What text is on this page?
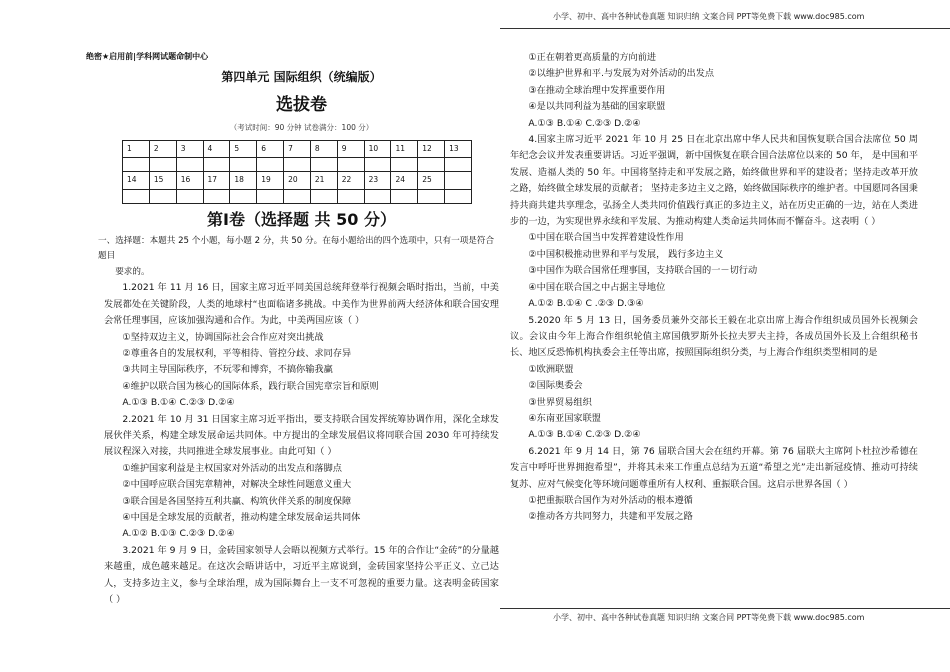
小学、初中、高中各种试卷真题 知识归纳 文案合同 PPT等免费下载 www.doc985.com
小学、初中、高中各种试卷真题 知识归纳 文案合同 PPT等免费下载 www.doc985.com
绝密★启用前|学科网试题命制中心
第四单元 国际组织（统编版）
选拔卷
（考试时间：90 分钟 试卷满分：100 分）
1	2	3	4	5	6	7	8	9	10	11	12	13

14	15	16	17	18	19	20	21	22	23	24	25	

第Ⅰ卷（选择题 共 50 分）
一、选择题：本题共 25 个小题，每小题 2 分，共 50 分。在每小题给出的四个选项中，只有一项是符合题目
要求的。
1.2021 年 11 月 16 日，国家主席习近平同美国总统拜登举行视频会晤时指出，当前，中美发展都处在关键阶段，人类的地球村“也面临诸多挑战。中美作为世界前两大经济体和联合国安理会常任理事国，应该加强沟通和合作。为此，中美两国应该（ ）
①坚持双边主义，协调国际社会合作应对突出挑战
②尊重各自的发展权利，平等相待、管控分歧、求同存异
③共同主导国际秩序，不玩零和博弈，不搞你输我赢
④维护以联合国为核心的国际体系，践行联合国宪章宗旨和原则
A.①③ B.①④ C.②③ D.②④
2.2021 年 10 月 31 日国家主席习近平指出，要支持联合国发挥统筹协调作用，深化全球发展伙伴关系，构建全球发展命运共同体。中方提出的全球发展倡议将同联合国 2030 年可持续发展议程深入对接，共同推进全球发展事业。由此可知（ ）
①维护国家利益是主权国家对外活动的出发点和落脚点
②中国呼应联合国宪章精神，对解决全球性问题意义重大
③联合国是各国坚持互利共赢、构筑伙伴关系的制度保障
④中国是全球发展的贡献者，推动构建全球发展命运共同体
A.①② B.①③ C.②③ D.②④
3.2021 年 9 月 9 日，金砖国家领导人会晤以视频方式举行。15 年的合作让“金砖”的分量越来越重，成色越来越足。在这次会晤讲话中，习近平主席说到，金砖国家坚持公平正义、立己达人，支持多边主义，参与全球治理，成为国际舞台上一支不可忽视的重要力量。这表明金砖国家（ ）
①正在朝着更高质量的方向前进
②以维护世界和平.与发展为对外活动的出发点
③在推动全球治理中发挥重要作用
④是以共同利益为基础的国家联盟
A.①③ B.①④ C.②③ D.②④
4.国家主席习近平 2021 年 10 月 25 日在北京出席中华人民共和国恢复联合国合法席位 50 周年纪念会议并发表重要讲话。习近平强调，新中国恢复在联合国合法席位以来的 50 年， 是中国和平发展、造福人类的 50 年。中国将坚持走和平发展之路，始终做世界和平的建设者；坚持走改革开放之路，始终做全球发展的贡献者； 坚持走多边主义之路，始终做国际秩序的维护者。中国愿同各国秉持共商共建共享理念，弘扬全人类共同价值践行真正的多边主义，站在历史正确的一边，站在人类进步的一边，为实现世界永续和平发展、为推动构建人类命运共同体而不懈奋斗。这表明（ ）
①中国在联合国当中发挥着建设性作用
②中国积极推动世界和平与发展， 践行多边主义
③中国作为联合国常任理事国，支持联合国的一－切行动
④中国在联合国之中占据主导地位
A.①② B.①④ C .②③ D.③④
5.2020 年 5 月 13 日，国务委员兼外交部长王毅在北京出席上海合作组织成员国外长视频会议。会议由今年上海合作组织轮值主席国俄罗斯外长拉夫罗夫主持，各成员国外长及上合组织秘书长、地区反恐怖机构执委会主任等出席，按照国际组织分类，与上海合作组织类型相同的是
①欧洲联盟
②国际奥委会
③世界贸易组织
④东南亚国家联盟
A.①③ B.①④ C.②③ D.②④
6.2021 年 9 月 14 日，第 76 届联合国大会在纽约开幕。第 76 届联大主席阿卜杜拉沙希德在发言中呼吁世界拥抱希望”，并将其未来工作重点总结为五道“希望之光”走出新冠疫情、推动可持续复苏、应对气候变化等环境问题尊重所有人权利、重振联合国。这启示世界各国（ ）
①把重振联合国作为对外活动的根本遵循
②推动各方共同努力，共建和平发展之路
